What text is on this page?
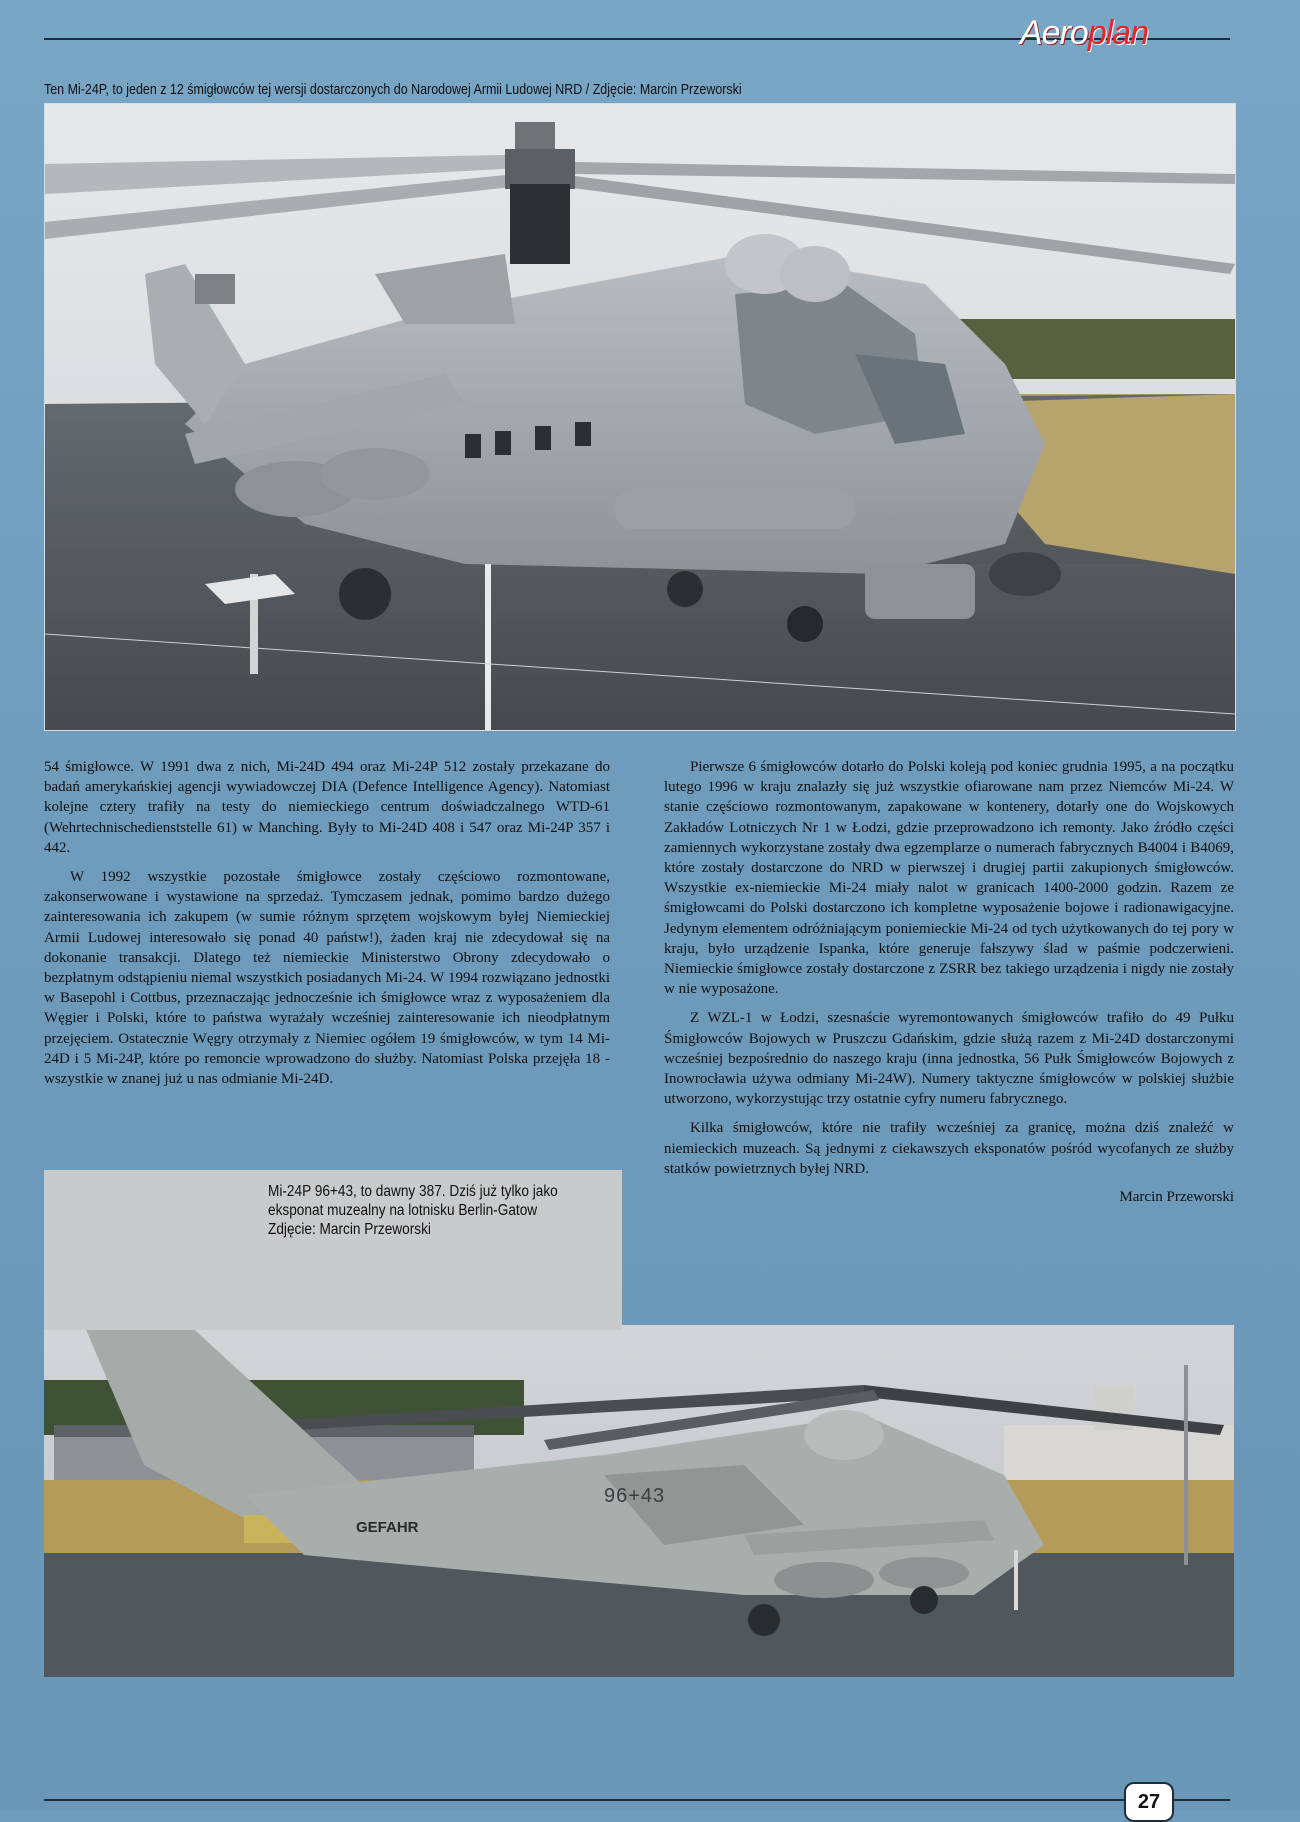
Aeroplan
Ten Mi-24P, to jeden z 12 śmigłowców tej wersji dostarczonych do Narodowej Armii Ludowej NRD / Zdjęcie: Marcin Przeworski

54 śmigłowce. W 1991 dwa z nich, Mi-24D 494 oraz Mi-24P 512 zostały przekazane do badań amerykańskiej agencji wywiadowczej DIA (Defence Intelligence Agency). Natomiast kolejne cztery trafiły na testy do niemieckiego centrum doświadczalnego WTD-61 (Wehrtechnischedienststelle 61) w Manching. Były to Mi-24D 408 i 547 oraz Mi-24P 357 i 442.

W 1992 wszystkie pozostałe śmigłowce zostały częściowo rozmontowane, zakonserwowane i wystawione na sprzedaż. Tymczasem jednak, pomimo bardzo dużego zainteresowania ich zakupem (w sumie różnym sprzętem wojskowym byłej Niemieckiej Armii Ludowej interesowało się ponad 40 państw!), żaden kraj nie zdecydował się na dokonanie transakcji. Dlatego też niemieckie Ministerstwo Obrony zdecydowało o bezpłatnym odstąpieniu niemal wszystkich posiadanych Mi-24. W 1994 rozwiązano jednostki w Basepohl i Cottbus, przeznaczając jednocześnie ich śmigłowce wraz z wyposażeniem dla Węgier i Polski, które to państwa wyrażały wcześniej zainteresowanie ich nieodpłatnym przejęciem. Ostatecznie Węgry otrzymały z Niemiec ogółem 19 śmigłowców, w tym 14 Mi-24D i 5 Mi-24P, które po remoncie wprowadzono do służby. Natomiast Polska przejęła 18 - wszystkie w znanej już u nas odmianie Mi-24D.

Pierwsze 6 śmigłowców dotarło do Polski koleją pod koniec grudnia 1995, a na początku lutego 1996 w kraju znalazły się już wszystkie ofiarowane nam przez Niemców Mi-24. W stanie częściowo rozmontowanym, zapakowane w kontenery, dotarły one do Wojskowych Zakładów Lotniczych Nr 1 w Łodzi, gdzie przeprowadzono ich remonty. Jako źródło części zamiennych wykorzystane zostały dwa egzemplarze o numerach fabrycznych B4004 i B4069, które zostały dostarczone do NRD w pierwszej i drugiej partii zakupionych śmigłowców. Wszystkie ex-niemieckie Mi-24 miały nalot w granicach 1400-2000 godzin. Razem ze śmigłowcami do Polski dostarczono ich kompletne wyposażenie bojowe i radionawigacyjne. Jedynym elementem odróżniającym poniemieckie Mi-24 od tych użytkowanych do tej pory w kraju, było urządzenie Ispanka, które generuje fałszywy ślad w paśmie podczerwieni. Niemieckie śmigłowce zostały dostarczone z ZSRR bez takiego urządzenia i nigdy nie zostały w nie wyposażone.

Z WZL-1 w Łodzi, szesnaście wyremontowanych śmigłowców trafiło do 49 Pułku Śmigłowców Bojowych w Pruszczu Gdańskim, gdzie służą razem z Mi-24D dostarczonymi wcześniej bezpośrednio do naszego kraju (inna jednostka, 56 Pułk Śmigłowców Bojowych z Inowrocławia używa odmiany Mi-24W). Numery taktyczne śmigłowców w polskiej służbie utworzono, wykorzystując trzy ostatnie cyfry numeru fabrycznego.

Kilka śmigłowców, które nie trafiły wcześniej za granicę, można dziś znaleźć w niemieckich muzeach. Są jednymi z ciekawszych eksponatów pośród wycofanych ze służby statków powietrznych byłej NRD.

Marcin Przeworski
96+43
GEFAHR
Mi-24P 96+43, to dawny 387. Dziś już tylko jako
eksponat muzealny na lotnisku Berlin-Gatow
Zdjęcie: Marcin Przeworski
27
